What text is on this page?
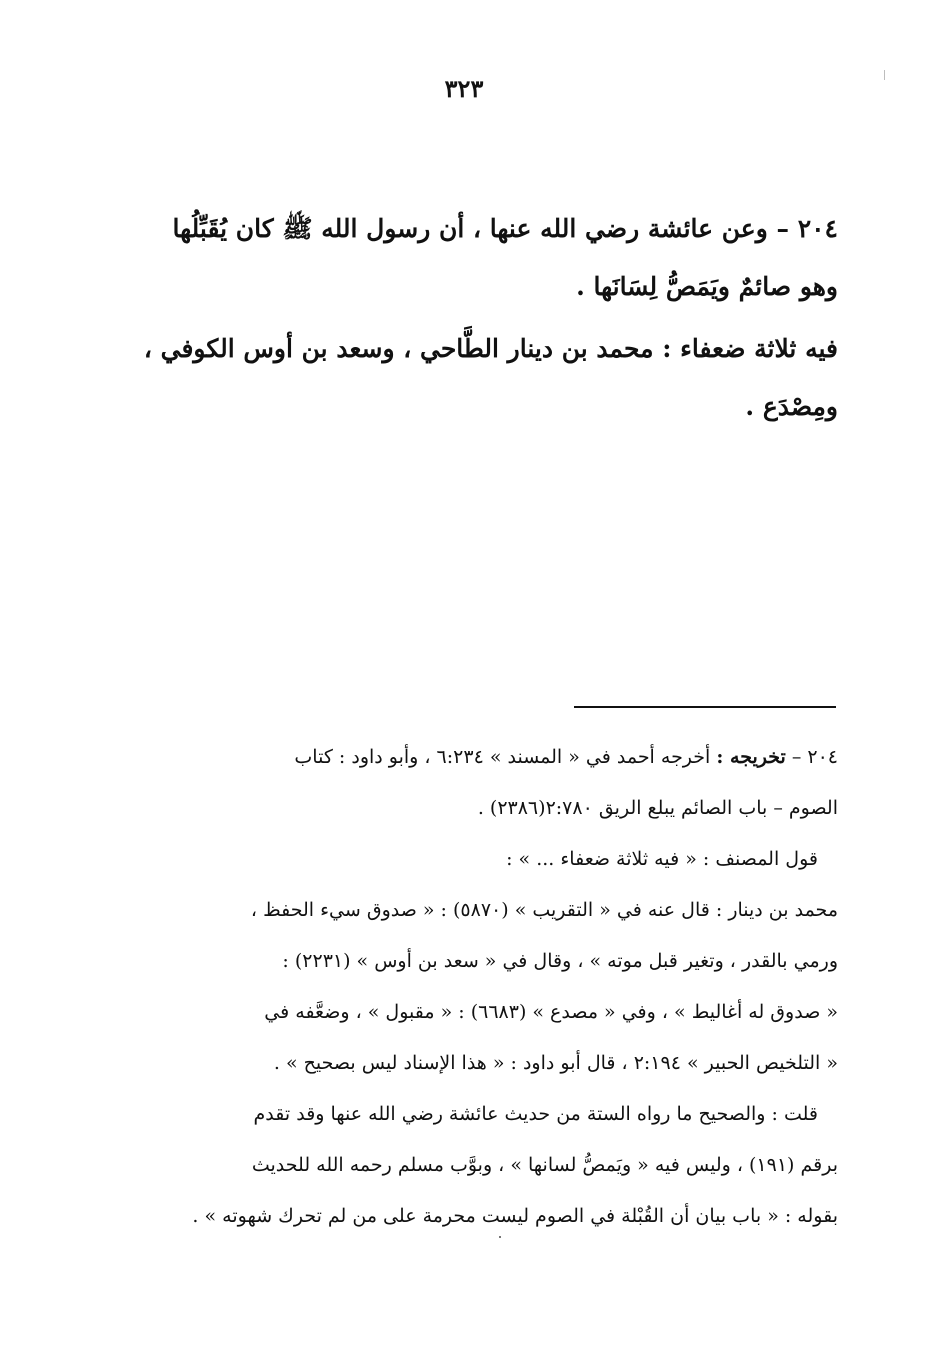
٣٢٣

٢٠٤ – وعن عائشة رضي الله عنها ، أن رسول الله ﷺ كان يُقَبِّلُها

وهو صائمٌ ويَمَصُّ لِسَانَها .

فيه ثلاثة ضعفاء : محمد بن دينار الطَّاحي ، وسعد بن أوس الكوفي ،

ومِصْدَع .

٢٠٤ – تخريجه : أخرجه أحمد في « المسند » ٦:٢٣٤ ، وأبو داود : كتاب

الصوم – باب الصائم يبلع الريق ٢:٧٨٠(٢٣٨٦) .

قول المصنف : « فيه ثلاثة ضعفاء ... » :

محمد بن دينار : قال عنه في « التقريب » (٥٨٧٠) : « صدوق سيء الحفظ ،

ورمي بالقدر ، وتغير قبل موته » ، وقال في « سعد بن أوس » (٢٢٣١) :

« صدوق له أغاليط » ، وفي « مصدع » (٦٦٨٣) : « مقبول » ، وضعَّفه في

« التلخيص الحبير » ٢:١٩٤ ، قال أبو داود : « هذا الإسناد ليس بصحيح » .

قلت : والصحيح ما رواه الستة من حديث عائشة رضي الله عنها وقد تقدم

برقم (١٩١) ، وليس فيه « ويَمصُّ لسانها » ، وبوَّب مسلم رحمه الله للحديث

بقوله : « باب بيان أن القُبْلة في الصوم ليست محرمة على من لم تحرك شهوته » .
